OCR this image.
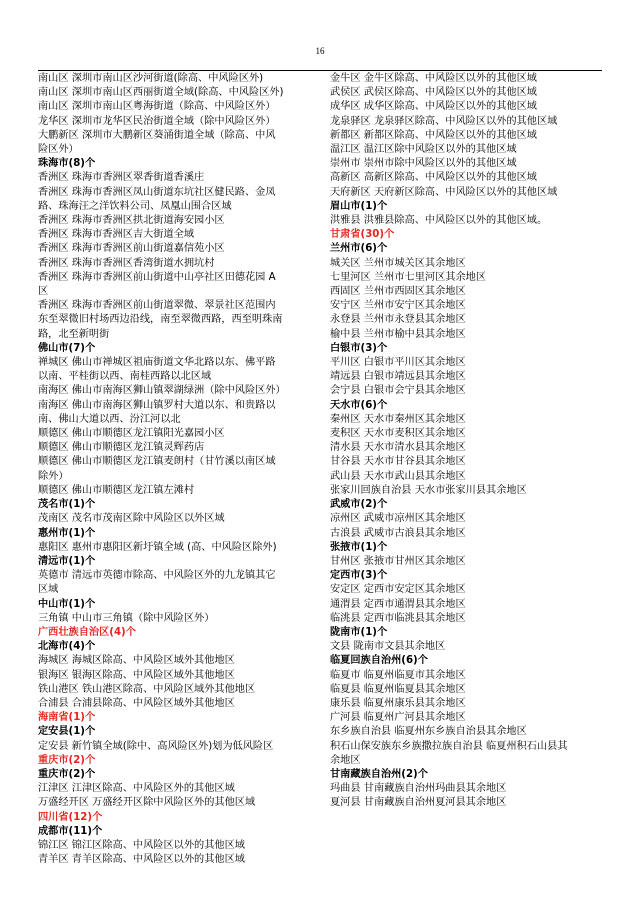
16
南山区 深圳市南山区沙河街道(除高、中风险区外)
南山区 深圳市南山区西丽街道全域(除高、中风险区外)
南山区 深圳市南山区粤海街道（除高、中风险区外）
龙华区 深圳市龙华区民治街道全域（除中风险区外）
大鹏新区 深圳市大鹏新区葵涌街道全域（除高、中风
险区外）
珠海市(8)个
香洲区 珠海市香洲区翠香街道香溪庄
香洲区 珠海市香洲区凤山街道东坑社区健民路、金凤
路、珠海汪之洋饮料公司、凤凰山围合区域
香洲区 珠海市香洲区拱北街道海安园小区
香洲区 珠海市香洲区吉大街道全域
香洲区 珠海市香洲区前山街道嘉信苑小区
香洲区 珠海市香洲区香湾街道水拥坑村
香洲区 珠海市香洲区前山街道中山亭社区田德花园 A
区
香洲区 珠海市香洲区前山街道翠微、翠景社区范围内
东至翠微旧村场西边沿线，南至翠微西路，西至明珠南
路，北至新明街
佛山市(7)个
禅城区 佛山市禅城区祖庙街道文华北路以东、佛平路
以南、平桂街以西、南桂西路以北区域
南海区 佛山市南海区狮山镇翠湖绿洲（除中风险区外）
南海区 佛山市南海区狮山镇罗村大道以东、和贵路以
南、佛山大道以西、汾江河以北
顺德区 佛山市顺德区龙江镇阳光嘉园小区
顺德区 佛山市顺德区龙江镇灵辉药店
顺德区 佛山市顺德区龙江镇麦朗村（甘竹溪以南区域
除外）
顺德区 佛山市顺德区龙江镇左滩村
茂名市(1)个
茂南区 茂名市茂南区除中风险区以外区域
惠州市(1)个
惠阳区 惠州市惠阳区新圩镇全域 (高、中风险区除外)
清远市(1)个
英德市 清远市英德市除高、中风险区外的九龙镇其它
区域
中山市(1)个
三角镇 中山市三角镇（除中风险区外）
广西壮族自治区(4)个
北海市(4)个
海城区 海城区除高、中风险区域外其他地区
银海区 银海区除高、中风险区域外其他地区
铁山港区 铁山港区除高、中风险区域外其他地区
合浦县 合浦县除高、中风险区域外其他地区
海南省(1)个
定安县(1)个
定安县 新竹镇全域(除中、高风险区外)划为低风险区
重庆市(2)个
重庆市(2)个
江津区 江津区除高、中风险区外的其他区域
万盛经开区 万盛经开区除中风险区外的其他区域
四川省(12)个
成都市(11)个
锦江区 锦江区除高、中风险区以外的其他区域
青羊区 青羊区除高、中风险区以外的其他区域
金牛区 金牛区除高、中风险区以外的其他区域
武侯区 武侯区除高、中风险区以外的其他区域
成华区 成华区除高、中风险区以外的其他区域
龙泉驿区 龙泉驿区除高、中风险区以外的其他区域
新都区 新都区除高、中风险区以外的其他区域
温江区 温江区除中风险区以外的其他区域
崇州市 崇州市除中风险区以外的其他区域
高新区 高新区除高、中风险区以外的其他区域
天府新区 天府新区除高、中风险区以外的其他区域
眉山市(1)个
洪雅县 洪雅县除高、中风险区以外的其他区域。
甘肃省(30)个
兰州市(6)个
城关区 兰州市城关区其余地区
七里河区 兰州市七里河区其余地区
西固区 兰州市西固区其余地区
安宁区 兰州市安宁区其余地区
永登县 兰州市永登县其余地区
榆中县 兰州市榆中县其余地区
白银市(3)个
平川区 白银市平川区其余地区
靖远县 白银市靖远县其余地区
会宁县 白银市会宁县其余地区
天水市(6)个
秦州区 天水市秦州区其余地区
麦积区 天水市麦积区其余地区
清水县 天水市清水县其余地区
甘谷县 天水市甘谷县其余地区
武山县 天水市武山县其余地区
张家川回族自治县 天水市张家川县其余地区
武威市(2)个
凉州区 武威市凉州区其余地区
古浪县 武威市古浪县其余地区
张掖市(1)个
甘州区 张掖市甘州区其余地区
定西市(3)个
安定区 定西市安定区其余地区
通渭县 定西市通渭县其余地区
临洮县 定西市临洮县其余地区
陇南市(1)个
文县 陇南市文县其余地区
临夏回族自治州(6)个
临夏市 临夏州临夏市其余地区
临夏县 临夏州临夏县其余地区
康乐县 临夏州康乐县其余地区
广河县 临夏州广河县其余地区
东乡族自治县 临夏州东乡族自治县其余地区
积石山保安族东乡族撒拉族自治县 临夏州积石山县其
余地区
甘南藏族自治州(2)个
玛曲县 甘南藏族自治州玛曲县其余地区
夏河县 甘南藏族自治州夏河县其余地区
